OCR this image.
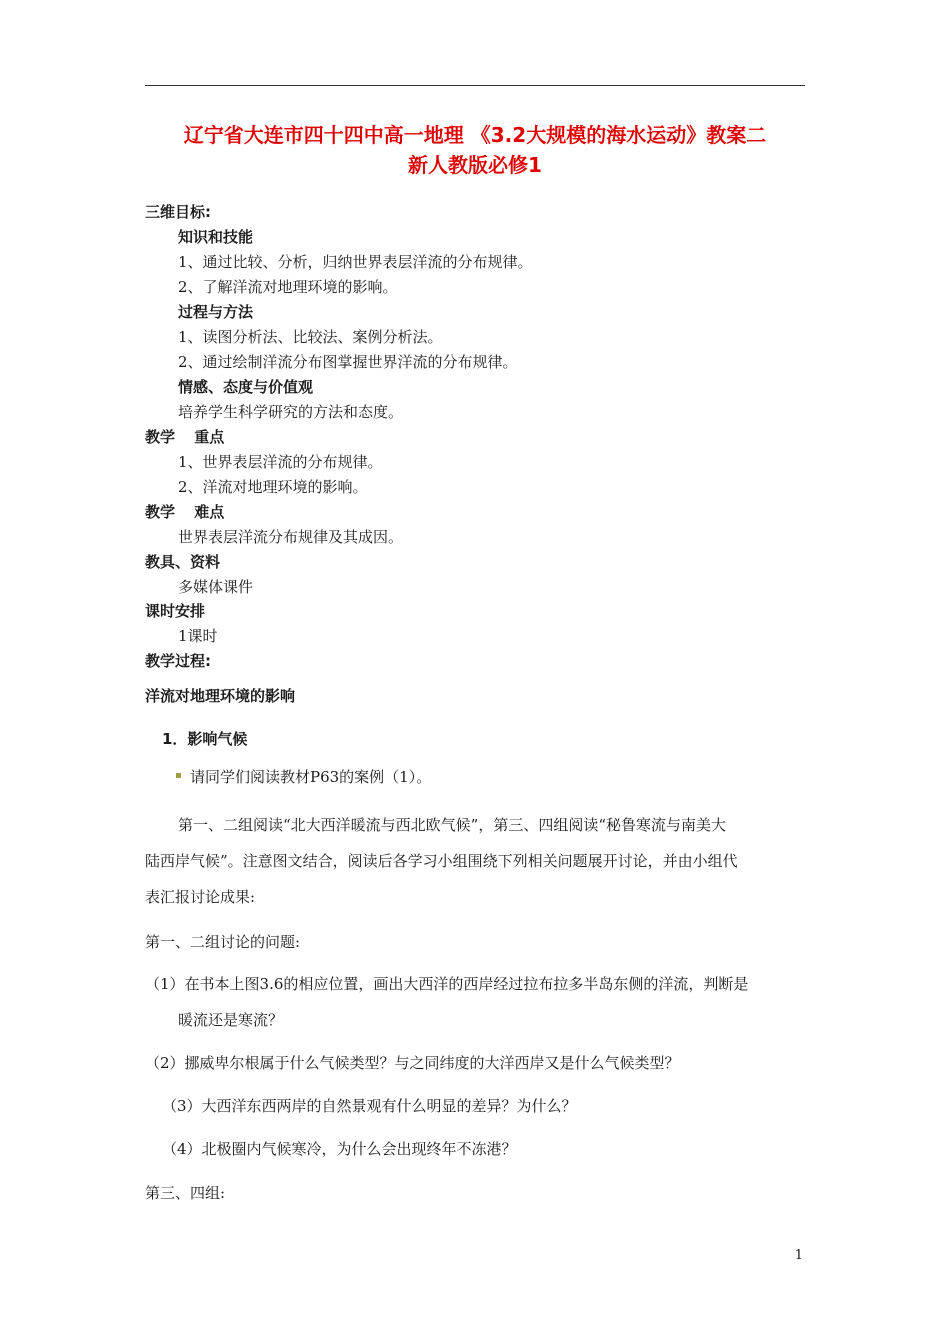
辽宁省大连市四十四中高一地理 《3.2大规模的海水运动》教案二
新人教版必修1
三维目标:
知识和技能
1、通过比较、分析，归纳世界表层洋流的分布规律。
2、了解洋流对地理环境的影响。
过程与方法
1、读图分析法、比较法、案例分析法。
2、通过绘制洋流分布图掌握世界洋流的分布规律。
情感、态度与价值观
培养学生科学研究的方法和态度。
教学 重点
1、世界表层洋流的分布规律。
2、洋流对地理环境的影响。
教学 难点
世界表层洋流分布规律及其成因。
教具、资料
多媒体课件
课时安排
1课时
教学过程:
洋流对地理环境的影响
1．影响气候
请同学们阅读教材P63的案例（1）。
第一、二组阅读“北大西洋暖流与西北欧气候”，第三、四组阅读“秘鲁寒流与南美大
陆西岸气候”。注意图文结合，阅读后各学习小组围绕下列相关问题展开讨论，并由小组代
表汇报讨论成果:
第一、二组讨论的问题:
（1）在书本上图3.6的相应位置，画出大西洋的西岸经过拉布拉多半岛东侧的洋流，判断是
暖流还是寒流？
（2）挪威卑尔根属于什么气候类型？与之同纬度的大洋西岸又是什么气候类型？
（3）大西洋东西两岸的自然景观有什么明显的差异？为什么？
（4）北极圈内气候寒冷，为什么会出现终年不冻港？
第三、四组:
1
